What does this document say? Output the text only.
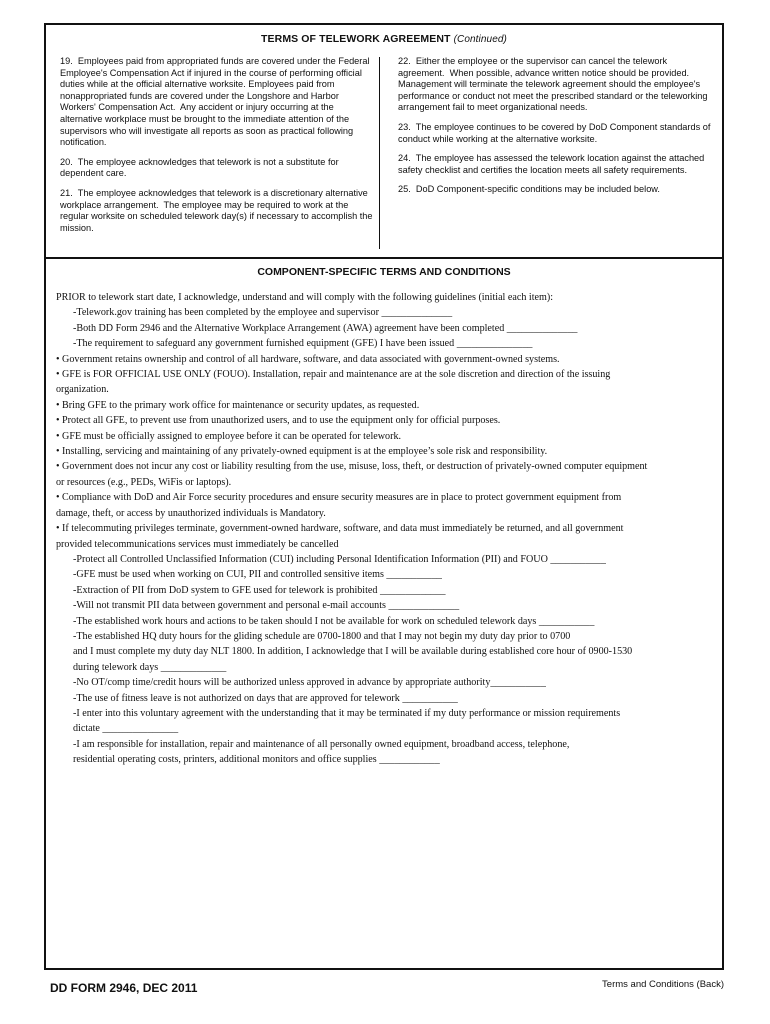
TERMS OF TELEWORK AGREEMENT (Continued)

19.  Employees paid from appropriated funds are covered under the Federal Employee's Compensation Act if injured in the course of performing official duties while at the official alternative worksite. Employees paid from nonappropriated funds are covered under the Longshore and Harbor Workers' Compensation Act.  Any accident or injury occurring at the alternative workplace must be brought to the immediate attention of the supervisors who will investigate all reports as soon as practical following notification.

20.  The employee acknowledges that telework is not a substitute for dependent care.

21.  The employee acknowledges that telework is a discretionary alternative workplace arrangement.  The employee may be required to work at the regular worksite on scheduled telework day(s) if necessary to accomplish the mission.

22.  Either the employee or the supervisor can cancel the telework agreement.  When possible, advance written notice should be provided. Management will terminate the telework agreement should the employee's performance or conduct not meet the prescribed standard or the teleworking arrangement fail to meet organizational needs.

23.  The employee continues to be covered by DoD Component standards of conduct while working at the alternative worksite.

24.  The employee has assessed the telework location against the attached safety checklist and certifies the location meets all safety requirements.

25.  DoD Component-specific conditions may be included below.

COMPONENT-SPECIFIC TERMS AND CONDITIONS
PRIOR to telework start date, I acknowledge, understand and will comply with the following guidelines (initial each item):
-Telework.gov training has been completed by the employee and supervisor ______________
-Both DD Form 2946 and the Alternative Workplace Arrangement (AWA) agreement have been completed ______________
-The requirement to safeguard any government furnished equipment (GFE) I have been issued _______________
• Government retains ownership and control of all hardware, software, and data associated with government-owned systems.
• GFE is FOR OFFICIAL USE ONLY (FOUO). Installation, repair and maintenance are at the sole discretion and direction of the issuing
organization.
• Bring GFE to the primary work office for maintenance or security updates, as requested.
• Protect all GFE, to prevent use from unauthorized users, and to use the equipment only for official purposes.
• GFE must be officially assigned to employee before it can be operated for telework.
• Installing, servicing and maintaining of any privately-owned equipment is at the employee’s sole risk and responsibility.
• Government does not incur any cost or liability resulting from the use, misuse, loss, theft, or destruction of privately-owned computer equipment
or resources (e.g., PEDs, WiFis or laptops).
• Compliance with DoD and Air Force security procedures and ensure security measures are in place to protect government equipment from
damage, theft, or access by unauthorized individuals is Mandatory.
• If telecommuting privileges terminate, government-owned hardware, software, and data must immediately be returned, and all government
provided telecommunications services must immediately be cancelled
-Protect all Controlled Unclassified Information (CUI) including Personal Identification Information (PII) and FOUO ___________
-GFE must be used when working on CUI, PII and controlled sensitive items ___________
-Extraction of PII from DoD system to GFE used for telework is prohibited _____________
-Will not transmit PII data between government and personal e-mail accounts ______________
-The established work hours and actions to be taken should I not be available for work on scheduled telework days ___________
-The established HQ duty hours for the gliding schedule are 0700-1800 and that I may not begin my duty day prior to 0700
and I must complete my duty day NLT 1800. In addition, I acknowledge that I will be available during established core hour of 0900-1530
during telework days _____________
-No OT/comp time/credit hours will be authorized unless approved in advance by appropriate authority___________
-The use of fitness leave is not authorized on days that are approved for telework ___________
-I enter into this voluntary agreement with the understanding that it may be terminated if my duty performance or mission requirements
dictate _______________
-I am responsible for installation, repair and maintenance of all personally owned equipment, broadband access, telephone,
residential operating costs, printers, additional monitors and office supplies ____________
DD FORM 2946, DEC 2011	Terms and Conditions (Back)
